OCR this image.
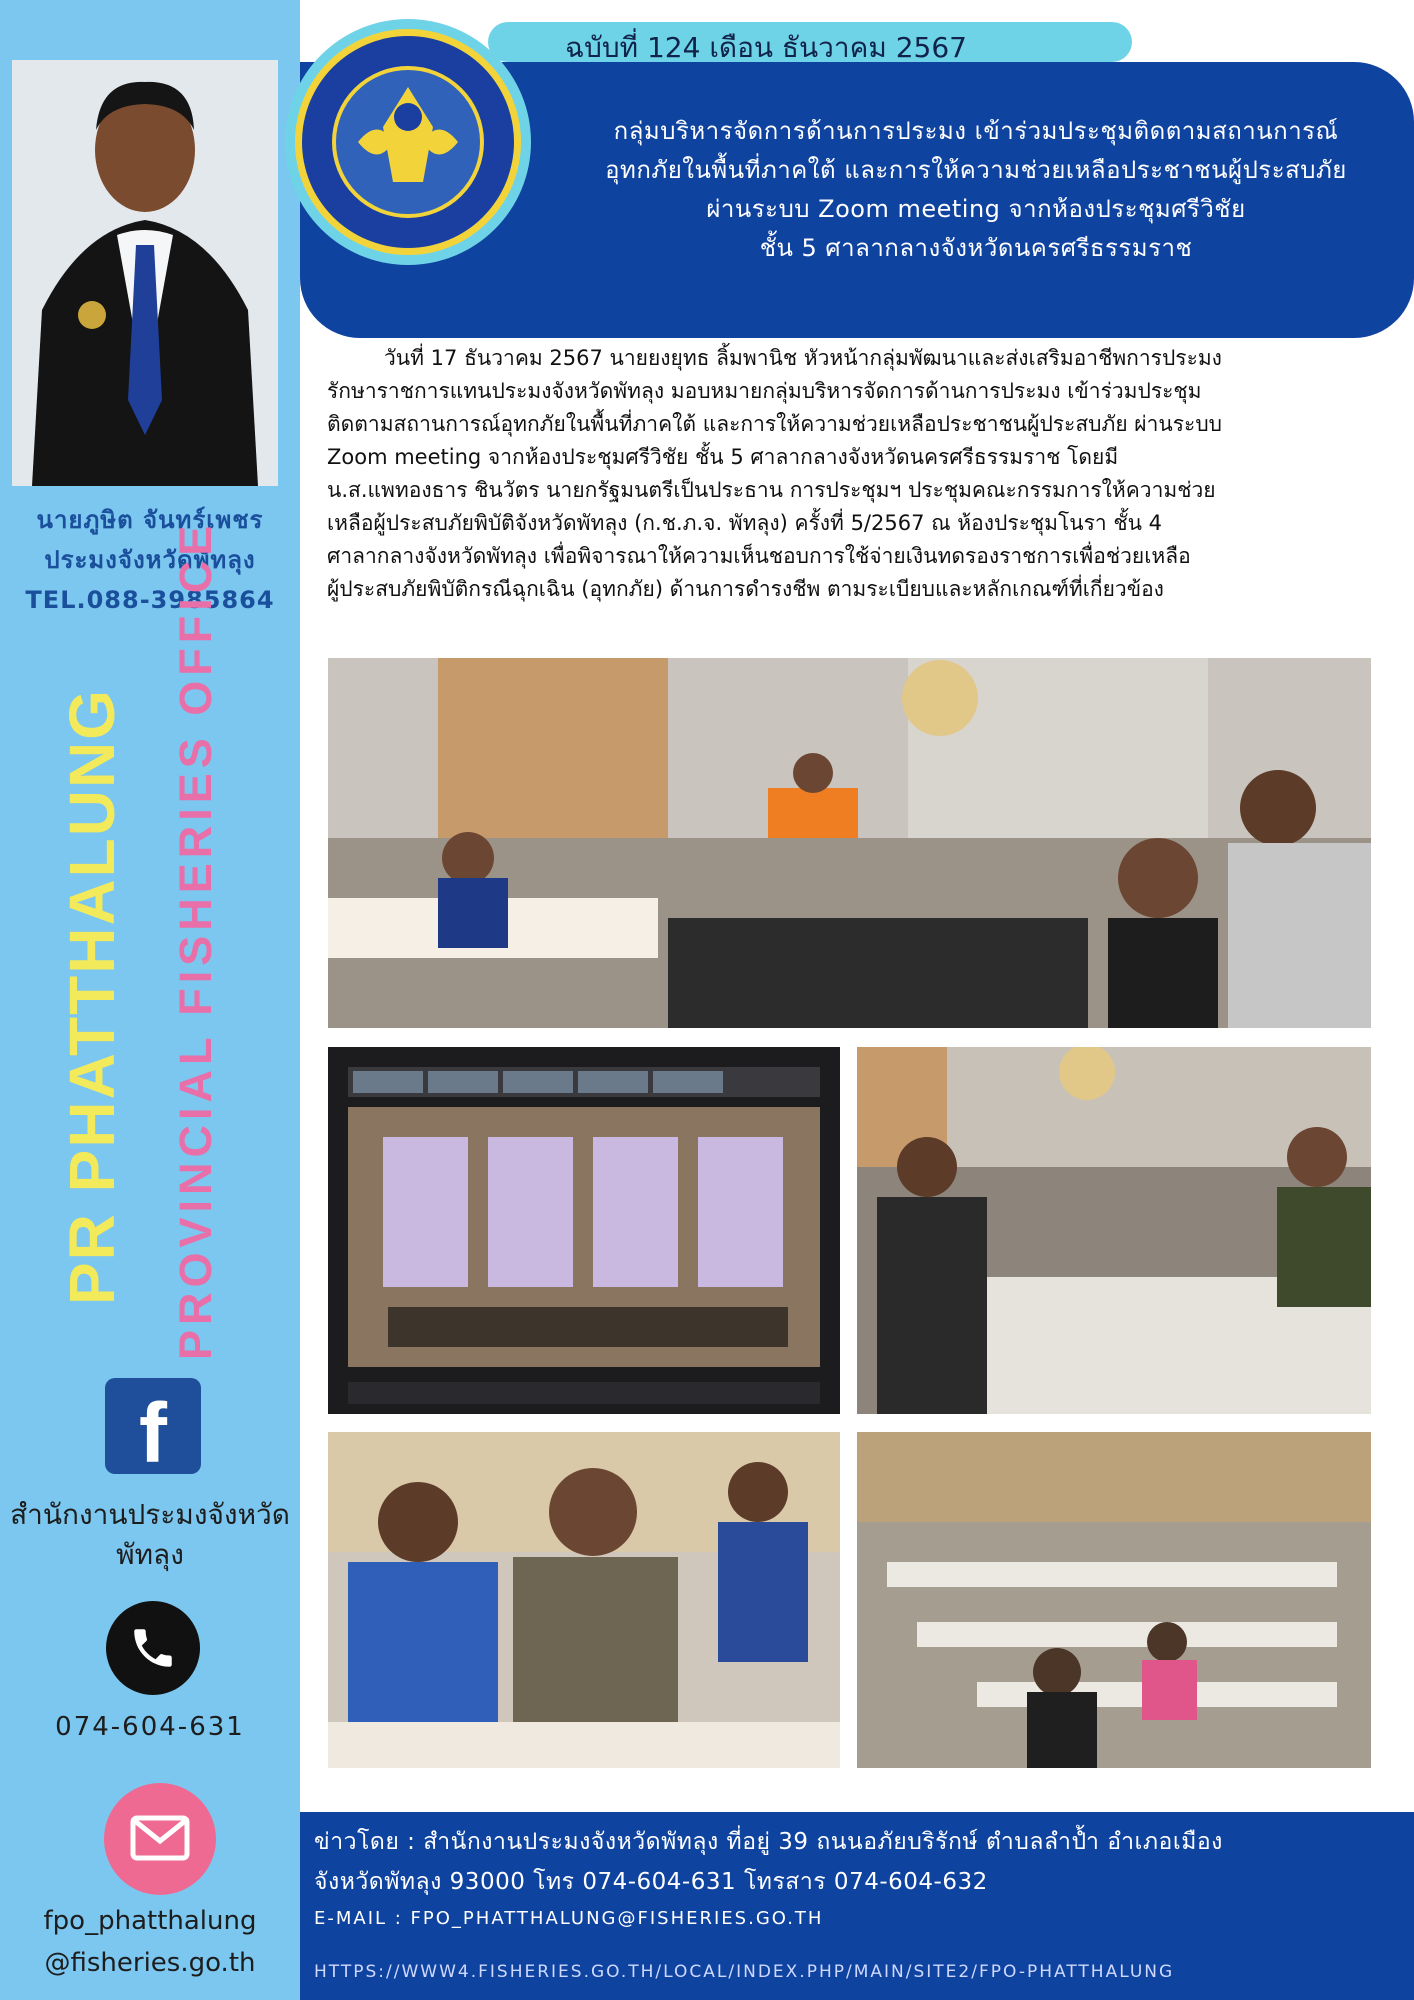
นายภูษิต จันทร์เพชร
ประมงจังหวัดพัทลุง
TEL.088-3985864
PR PHATTHALUNG PROVINCIAL FISHERIES OFFICE
f
สำนักงานประมงจังหวัด
พัทลุง
074-604-631
fpo_phatthalung
@fisheries.go.th
ฉบับที่ 124 เดือน ธันวาคม 2567
กลุ่มบริหารจัดการด้านการประมง เข้าร่วมประชุมติดตามสถานการณ์
อุทกภัยในพื้นที่ภาคใต้ และการให้ความช่วยเหลือประชาชนผู้ประสบภัย
ผ่านระบบ Zoom meeting จากห้องประชุมศรีวิชัย
ชั้น 5 ศาลากลางจังหวัดนครศรีธรรมราช
วันที่ 17 ธันวาคม 2567 นายยงยุทธ ลิ้มพานิช หัวหน้ากลุ่มพัฒนาและส่งเสริมอาชีพการประมง
รักษาราชการแทนประมงจังหวัดพัทลุง มอบหมายกลุ่มบริหารจัดการด้านการประมง เข้าร่วมประชุม
ติดตามสถานการณ์อุทกภัยในพื้นที่ภาคใต้ และการให้ความช่วยเหลือประชาชนผู้ประสบภัย ผ่านระบบ
Zoom meeting จากห้องประชุมศรีวิชัย ชั้น 5 ศาลากลางจังหวัดนครศรีธรรมราช โดยมี
น.ส.แพทองธาร ชินวัตร นายกรัฐมนตรีเป็นประธาน การประชุมฯ ประชุมคณะกรรมการให้ความช่วย
เหลือผู้ประสบภัยพิบัติจังหวัดพัทลุง (ก.ช.ภ.จ. พัทลุง) ครั้งที่ 5/2567 ณ ห้องประชุมโนรา ชั้น 4
ศาลากลางจังหวัดพัทลุง เพื่อพิจารณาให้ความเห็นชอบการใช้จ่ายเงินทดรองราชการเพื่อช่วยเหลือ
ผู้ประสบภัยพิบัติกรณีฉุกเฉิน (อุทกภัย) ด้านการดำรงชีพ ตามระเบียบและหลักเกณฑ์ที่เกี่ยวข้อง
ข่าวโดย : สำนักงานประมงจังหวัดพัทลุง ที่อยู่ 39 ถนนอภัยบริรักษ์ ตำบลลำป้ำ อำเภอเมือง
จังหวัดพัทลุง 93000 โทร 074-604-631 โทรสาร 074-604-632
E-MAIL : FPO_PHATTHALUNG@FISHERIES.GO.TH
HTTPS://WWW4.FISHERIES.GO.TH/LOCAL/INDEX.PHP/MAIN/SITE2/FPO-PHATTHALUNG
